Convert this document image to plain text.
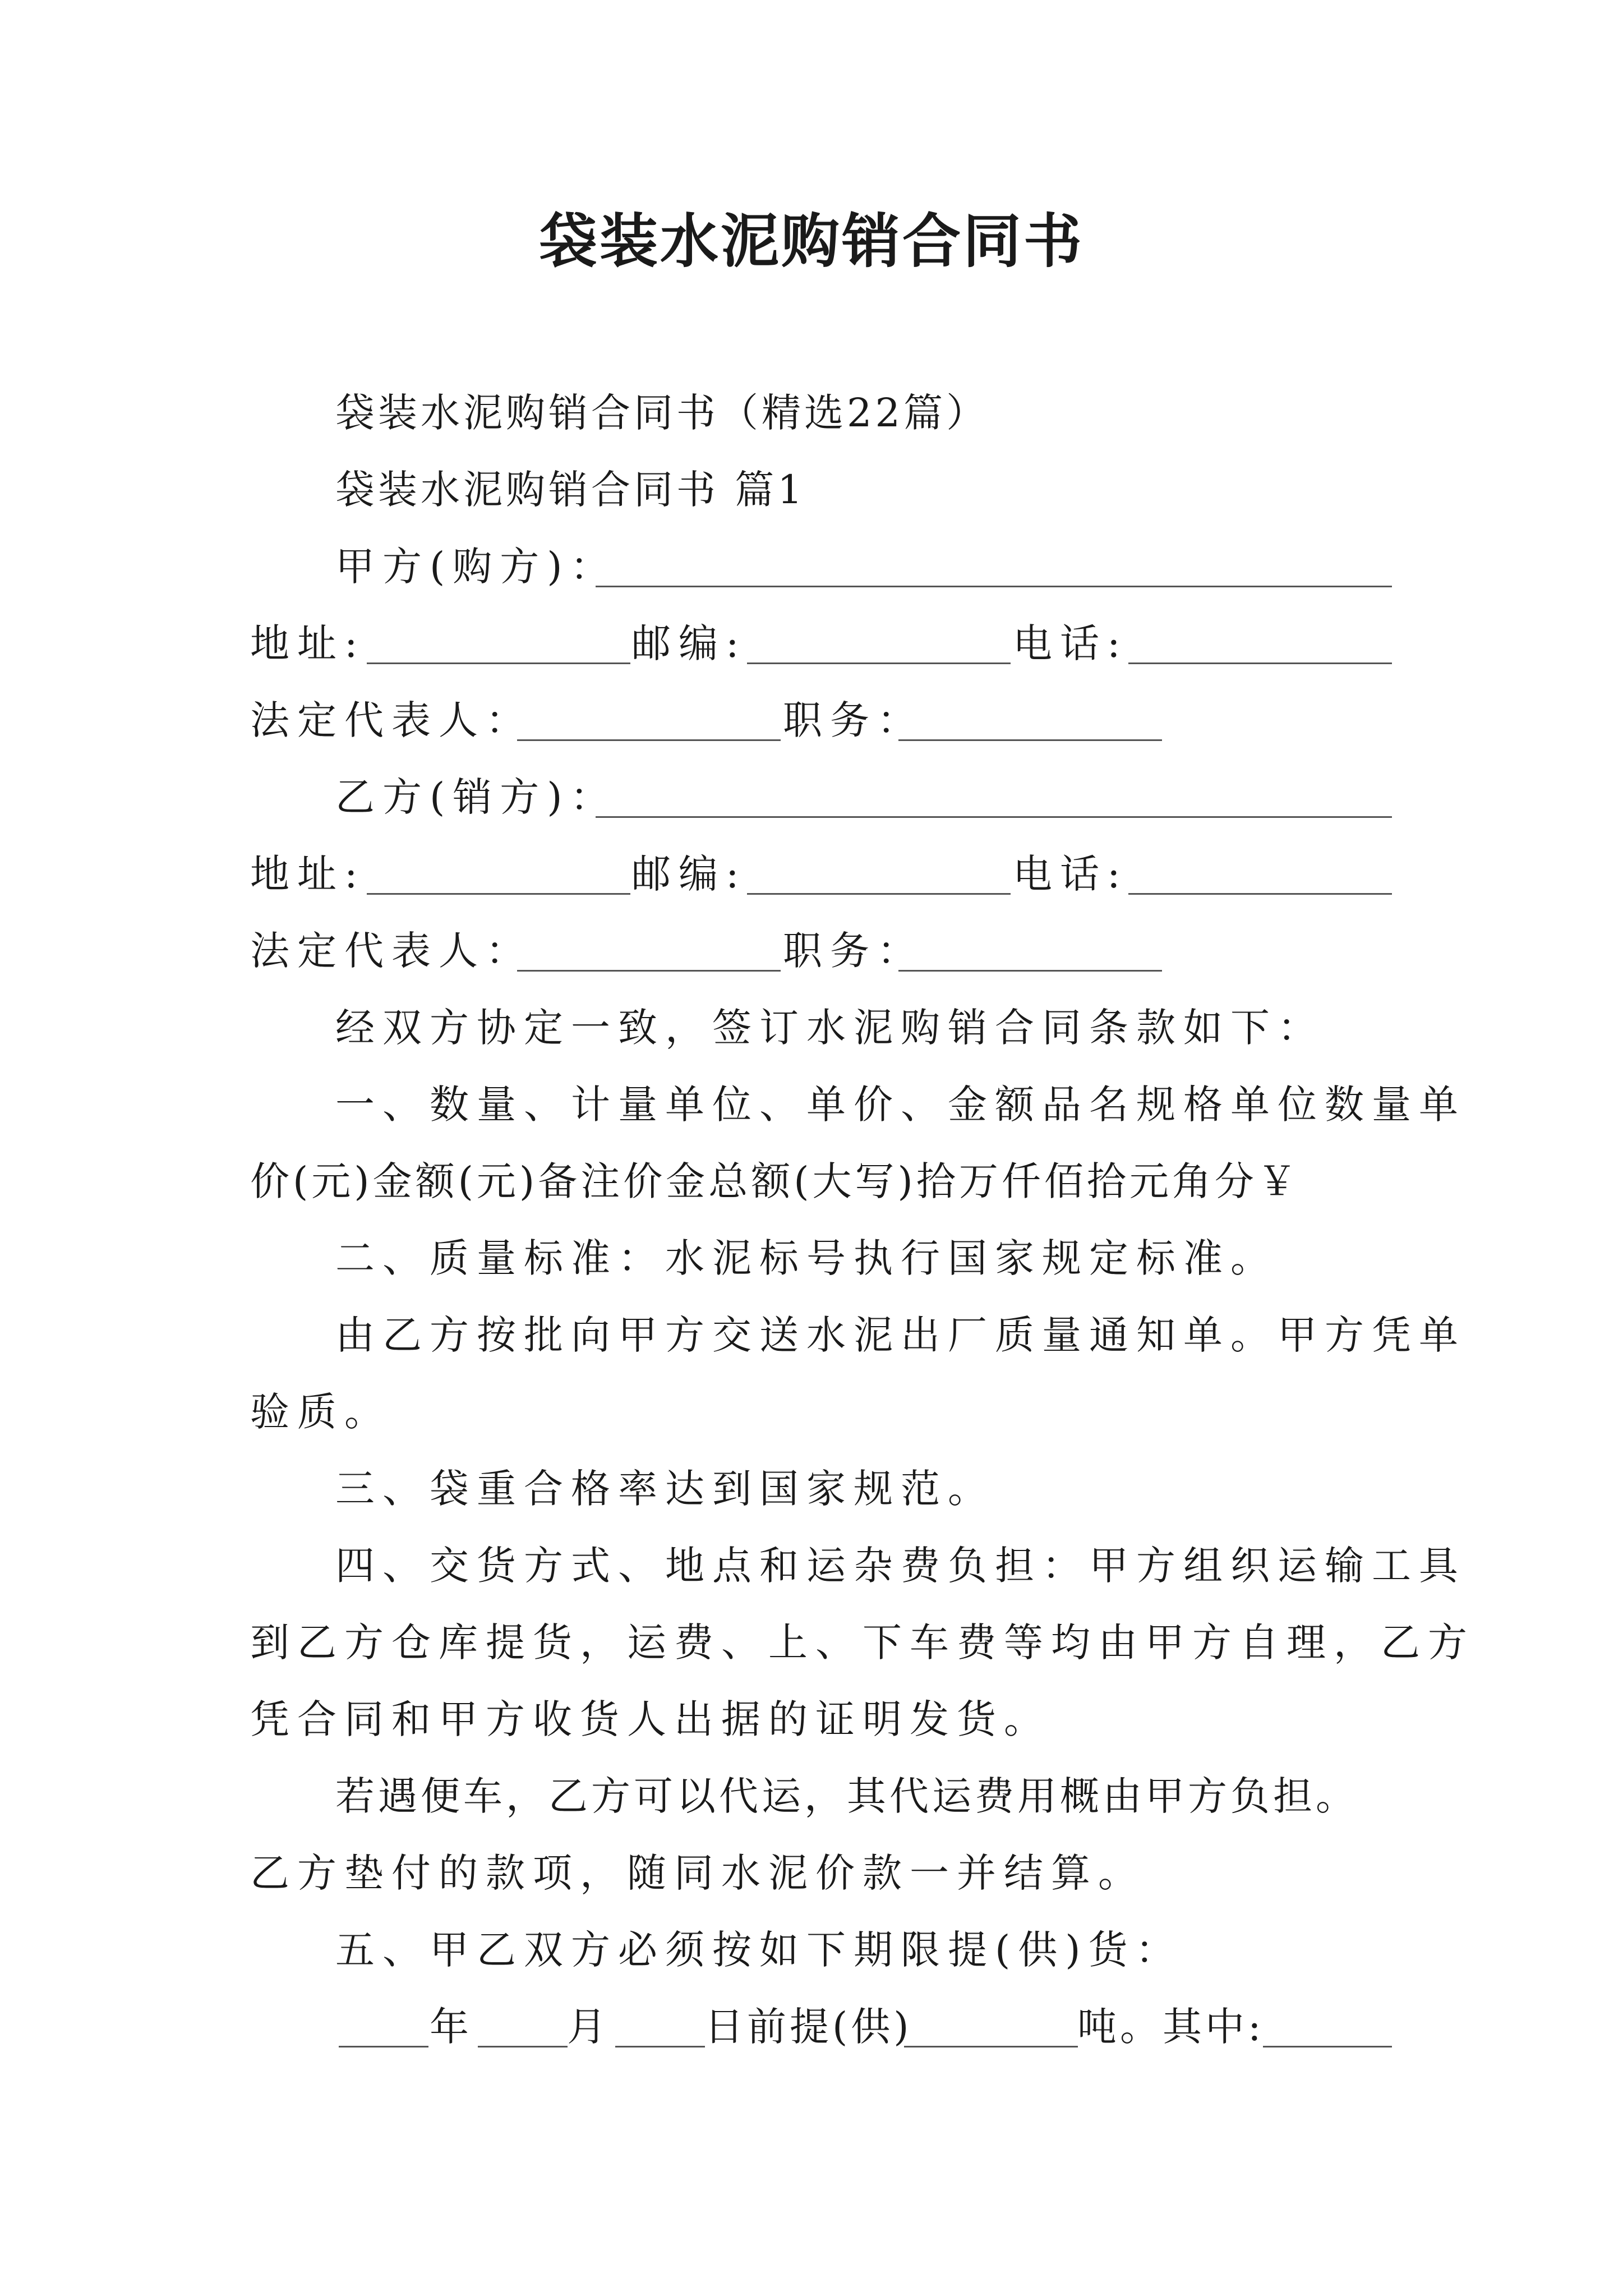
袋装水泥购销合同书
袋装水泥购销合同书（精选22篇）
袋装水泥购销合同书 篇1
甲方(购方)：
地址:	邮编:	电话:
法定代表人：	职务：
乙方(销方)：
地址:	邮编:	电话:
法定代表人：	职务：
经双方协定一致，签订水泥购销合同条款如下：
一、数量、计量单位、单价、金额品名规格单位数量单
价(元)金额(元)备注价金总额(大写)拾万仟佰拾元角分￥
二、质量标准：水泥标号执行国家规定标准。
由乙方按批向甲方交送水泥出厂质量通知单。甲方凭单
验质。
三、袋重合格率达到国家规范。
四、交货方式、地点和运杂费负担：甲方组织运输工具
到乙方仓库提货，运费、上、下车费等均由甲方自理，乙方
凭合同和甲方收货人出据的证明发货。
若遇便车，乙方可以代运，其代运费用概由甲方负担。
乙方垫付的款项，随同水泥价款一并结算。
五、甲乙双方必须按如下期限提(供)货：
年 月 日前提(供)	吨。其中:
